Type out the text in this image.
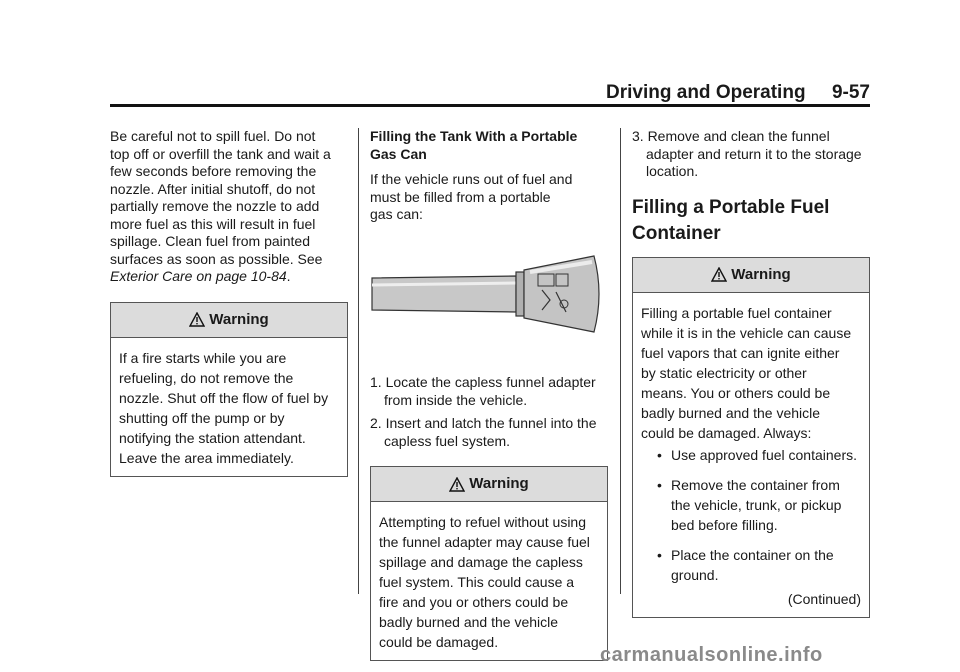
Driving and Operating 9-57

Be careful not to spill fuel. Do not
top off or overfill the tank and wait a
few seconds before removing the
nozzle. After initial shutoff, do not
partially remove the nozzle to add
more fuel as this will result in fuel
spillage. Clean fuel from painted
surfaces as soon as possible. See
Exterior Care on page 10-84.

Warning
If a fire starts while you are
refueling, do not remove the
nozzle. Shut off the flow of fuel by
shutting off the pump or by
notifying the station attendant.
Leave the area immediately.

Filling the Tank With a Portable
Gas Can

If the vehicle runs out of fuel and
must be filled from a portable
gas can:

1. Locate the capless funnel adapter from inside the vehicle.
2. Insert and latch the funnel into the capless fuel system.
Warning
Attempting to refuel without using
the funnel adapter may cause fuel
spillage and damage the capless
fuel system. This could cause a
fire and you or others could be
badly burned and the vehicle
could be damaged.
3. Remove and clean the funnel adapter and return it to the storage location.
Filling a Portable Fuel
Container
Warning
Filling a portable fuel container
while it is in the vehicle can cause
fuel vapors that can ignite either
by static electricity or other
means. You or others could be
badly burned and the vehicle
could be damaged. Always:
• Use approved fuel containers.
• Remove the container from the vehicle, trunk, or pickup bed before filling.
• Place the container on the ground.
(Continued)
carmanualsonline.info
